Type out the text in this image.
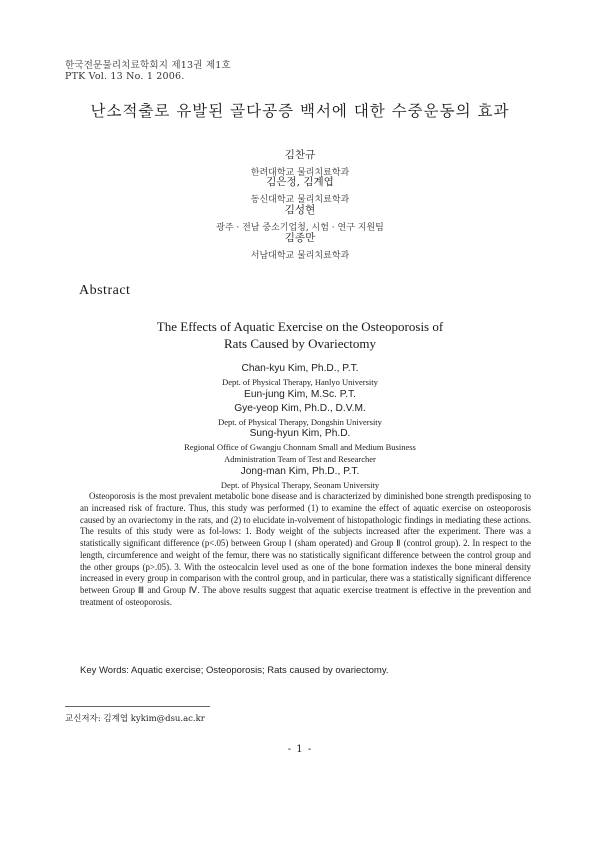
한국전문물리치료학회지 제13권 제1호
PTK Vol. 13 No. 1 2006.
난소적출로 유발된 골다공증 백서에 대한 수중운동의 효과
김찬규
한려대학교 물리치료학과
김은정, 김계엽
동신대학교 물리치료학과
김성현
광주 · 전남 중소기업청, 시험 · 연구 지원팀
김종만
서남대학교 물리치료학과
Abstract
The Effects of Aquatic Exercise on the Osteoporosis of
Rats Caused by Ovariectomy
Chan-kyu Kim, Ph.D., P.T.
Dept. of Physical Therapy, Hanlyo University
Eun-jung Kim, M.Sc. P.T.
Gye-yeop Kim, Ph.D., D.V.M.
Dept. of Physical Therapy, Dongshin University
Sung-hyun Kim, Ph.D.
Regional Office of Gwangju Chonnam Small and Medium Business
Administration Team of Test and Researcher
Jong-man Kim, Ph.D., P.T.
Dept. of Physical Therapy, Seonam University
Osteoporosis is the most prevalent metabolic bone disease and is characterized by diminished bone strength predisposing to an increased risk of fracture. Thus, this study was performed (1) to examine the effect of aquatic exercise on osteoporosis caused by an ovariectomy in the rats, and (2) to elucidate in-volvement of histopathologic findings in mediating these actions. The results of this study were as fol-lows: 1. Body weight of the subjects increased after the experiment. There was a statistically significant difference (p<.05) between Group Ⅰ (sham operated) and Group Ⅱ (control group). 2. In respect to the length, circumference and weight of the femur, there was no statistically significant difference between the control group and the other groups (p>.05). 3. With the osteocalcin level used as one of the bone formation indexes the bone mineral density increased in every group in comparison with the control group, and in particular, there was a statistically significant difference between Group Ⅲ and Group Ⅳ. The above results suggest that aquatic exercise treatment is effective in the prevention and treatment of osteoporosis.
Key Words: Aquatic exercise; Osteoporosis; Rats caused by ovariectomy.
교신저자: 김계엽 kykim@dsu.ac.kr
- 1 -
